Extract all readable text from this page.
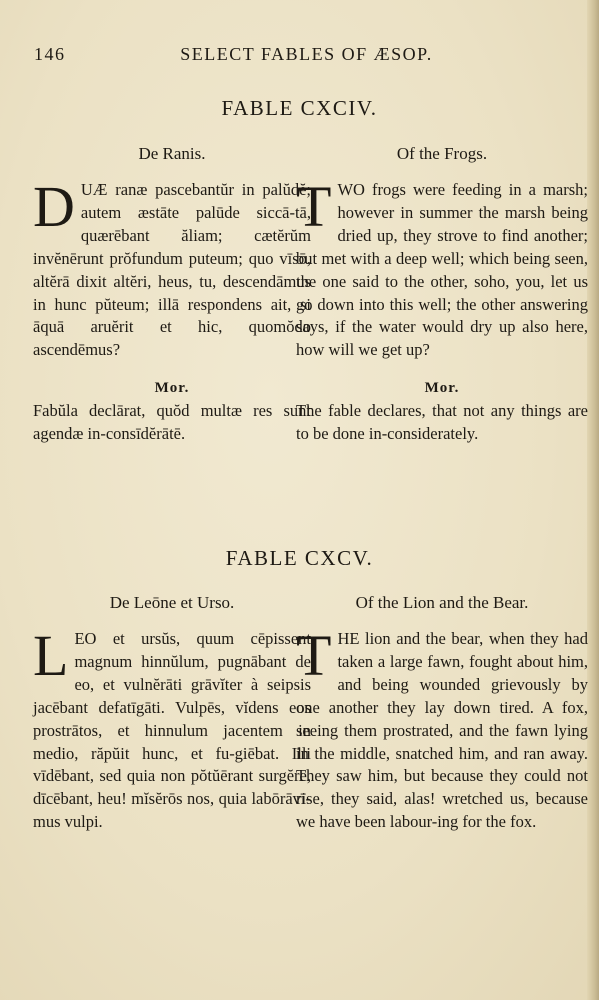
146	SELECT FABLES OF ÆSOP.
FABLE CXCIV.
De Ranis.

DUÆ ranæ pascebantŭr in palŭdĕ; autem æstāte palūde siccā-tā, quærēbant ăliam; cætĕrŭm invĕnērunt prŏfundum puteum; quo vīsō, altĕrā dixit altĕri, heus, tu, descendāmus in hunc pŭteum; illā respondens ait, si āquā aruĕrit et hic, quomŏdo ascendēmus?

Mor.

Fabŭla declārat, quŏd multæ res sunt agendæ in-consīdĕrātē.

Of the Frogs.

TWO frogs were feeding in a marsh; however in summer the marsh being dried up, they strove to find another; but met with a deep well; which being seen, the one said to the other, soho, you, let us go down into this well; the other answering says, if the water would dry up also here, how will we get up?

Mor.

The fable declares, that not any things are to be done in-considerately.

FABLE CXCV.
De Leōne et Urso.

LEO et ursŭs, quum cēpissent magnum hinnŭlum, pugnābant de eo, et vulnĕrāti grāvĭter à seipsis jacēbant defatīgāti. Vulpēs, vĭdens eos prostrātos, et hinnulum jacentem in medio, răpŭit hunc, et fu-giēbat. Illi vīdēbant, sed quia non pŏtŭērant surgĕre, dīcēbant, heu! mĭsĕrōs nos, quia labōrāvī-mus vulpi.

Of the Lion and the Bear.

THE lion and the bear, when they had taken a large fawn, fought about him, and being wounded grievously by one another they lay down tired. A fox, seeing them prostrated, and the fawn lying in the middle, snatched him, and ran away. They saw him, but because they could not rise, they said, alas! wretched us, because we have been labour-ing for the fox.
